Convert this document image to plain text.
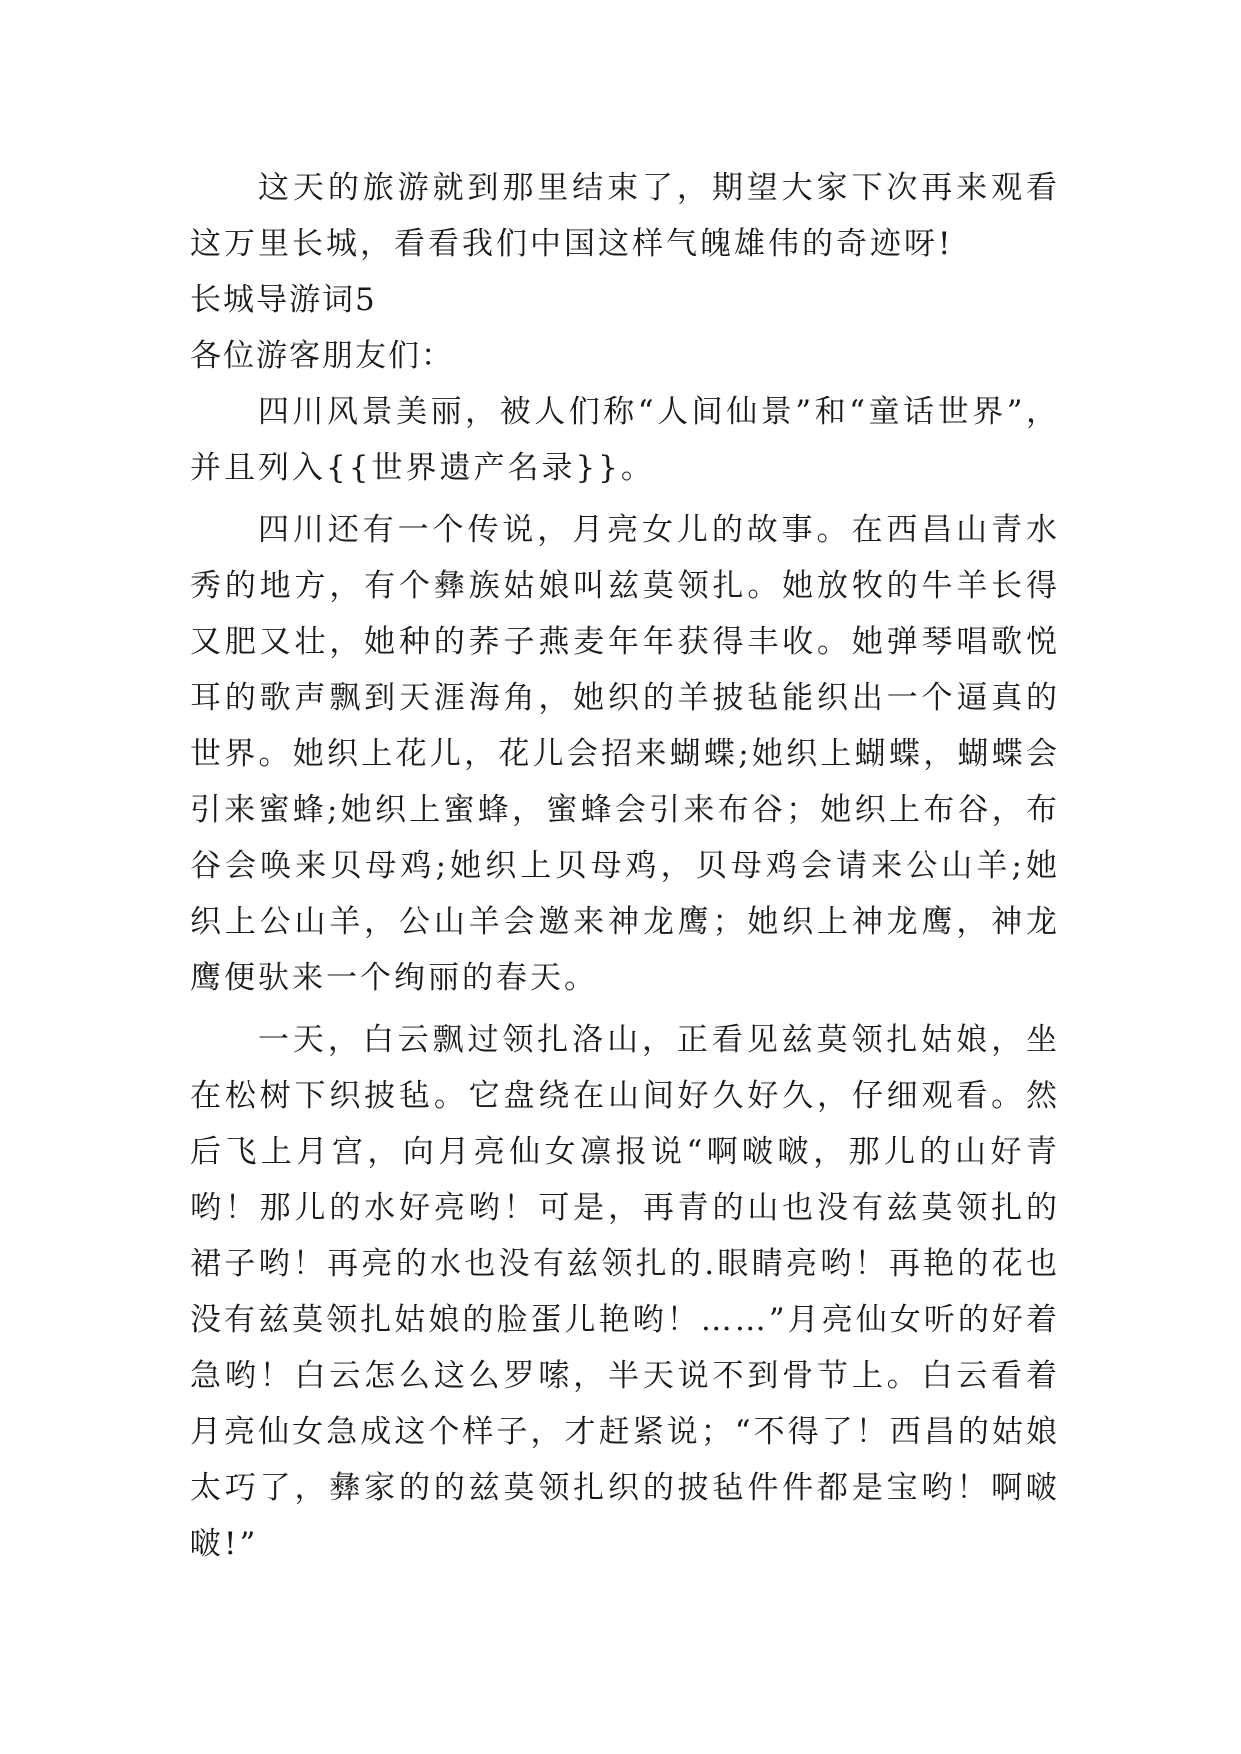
这天的旅游就到那里结束了，期望大家下次再来观看这万里长城，看看我们中国这样气魄雄伟的奇迹呀!

长城导游词5

各位游客朋友们：

四川风景美丽，被人们称“人间仙景”和“童话世界”，并且列入{{世界遗产名录}}。

四川还有一个传说，月亮女儿的故事。在西昌山青水秀的地方，有个彝族姑娘叫兹莫领扎。她放牧的牛羊长得又肥又壮，她种的荞子燕麦年年获得丰收。她弹琴唱歌悦耳的歌声飘到天涯海角，她织的羊披毡能织出一个逼真的世界。她织上花儿，花儿会招来蝴蝶;她织上蝴蝶，蝴蝶会引来蜜蜂;她织上蜜蜂，蜜蜂会引来布谷；她织上布谷，布谷会唤来贝母鸡;她织上贝母鸡，贝母鸡会请来公山羊;她织上公山羊，公山羊会邀来神龙鹰；她织上神龙鹰，神龙鹰便驮来一个绚丽的春天。

一天，白云飘过领扎洛山，正看见兹莫领扎姑娘，坐在松树下织披毡。它盘绕在山间好久好久，仔细观看。然后飞上月宫，向月亮仙女凛报说“啊啵啵，那儿的山好青哟！那儿的水好亮哟！可是，再青的山也没有兹莫领扎的裙子哟！再亮的水也没有兹领扎的.眼睛亮哟！再艳的花也没有兹莫领扎姑娘的脸蛋儿艳哟！……”月亮仙女听的好着急哟！白云怎么这么罗嗦，半天说不到骨节上。白云看着月亮仙女急成这个样子，才赶紧说；“不得了！西昌的姑娘太巧了，彝家的的兹莫领扎织的披毡件件都是宝哟！啊啵啵!”
